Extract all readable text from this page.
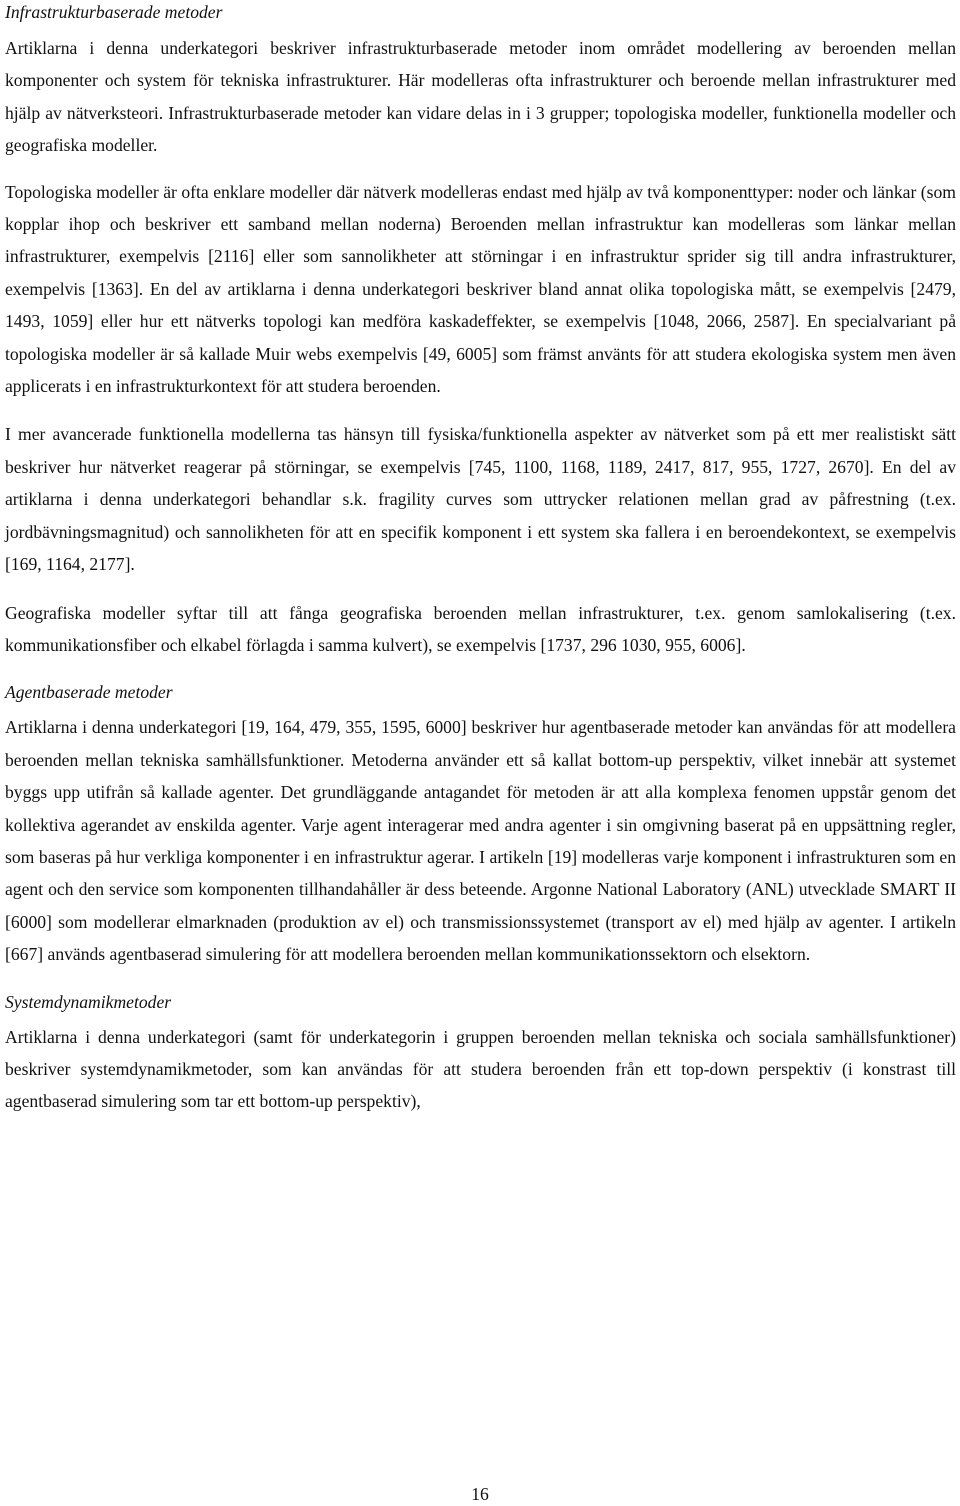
Infrastrukturbaserade metoder

Artiklarna i denna underkategori beskriver infrastrukturbaserade metoder inom området modellering av beroenden mellan komponenter och system för tekniska infrastrukturer. Här modelleras ofta infrastrukturer och beroende mellan infrastrukturer med hjälp av nätverksteori. Infrastrukturbaserade metoder kan vidare delas in i 3 grupper; topologiska modeller, funktionella modeller och geografiska modeller.

Topologiska modeller är ofta enklare modeller där nätverk modelleras endast med hjälp av två komponenttyper: noder och länkar (som kopplar ihop och beskriver ett samband mellan noderna) Beroenden mellan infrastruktur kan modelleras som länkar mellan infrastrukturer, exempelvis [2116] eller som sannolikheter att störningar i en infrastruktur sprider sig till andra infrastrukturer, exempelvis [1363]. En del av artiklarna i denna underkategori beskriver bland annat olika topologiska mått, se exempelvis [2479, 1493, 1059] eller hur ett nätverks topologi kan medföra kaskadeffekter, se exempelvis [1048, 2066, 2587]. En specialvariant på topologiska modeller är så kallade Muir webs exempelvis [49, 6005] som främst använts för att studera ekologiska system men även applicerats i en infrastrukturkontext för att studera beroenden.

I mer avancerade funktionella modellerna tas hänsyn till fysiska/funktionella aspekter av nätverket som på ett mer realistiskt sätt beskriver hur nätverket reagerar på störningar, se exempelvis [745, 1100, 1168, 1189, 2417, 817, 955, 1727, 2670]. En del av artiklarna i denna underkategori behandlar s.k. fragility curves som uttrycker relationen mellan grad av påfrestning (t.ex. jordbävningsmagnitud) och sannolikheten för att en specifik komponent i ett system ska fallera i en beroendekontext, se exempelvis [169, 1164, 2177].

Geografiska modeller syftar till att fånga geografiska beroenden mellan infrastrukturer, t.ex. genom samlokalisering (t.ex. kommunikationsfiber och elkabel förlagda i samma kulvert), se exempelvis [1737, 296 1030, 955, 6006].

Agentbaserade metoder

Artiklarna i denna underkategori [19, 164, 479, 355, 1595, 6000] beskriver hur agentbaserade metoder kan användas för att modellera beroenden mellan tekniska samhällsfunktioner. Metoderna använder ett så kallat bottom-up perspektiv, vilket innebär att systemet byggs upp utifrån så kallade agenter. Det grundläggande antagandet för metoden är att alla komplexa fenomen uppstår genom det kollektiva agerandet av enskilda agenter. Varje agent interagerar med andra agenter i sin omgivning baserat på en uppsättning regler, som baseras på hur verkliga komponenter i en infrastruktur agerar. I artikeln [19] modelleras varje komponent i infrastrukturen som en agent och den service som komponenten tillhandahåller är dess beteende. Argonne National Laboratory (ANL) utvecklade SMART II [6000] som modellerar elmarknaden (produktion av el) och transmissionssystemet (transport av el) med hjälp av agenter. I artikeln [667] används agentbaserad simulering för att modellera beroenden mellan kommunikationssektorn och elsektorn.

Systemdynamikmetoder

Artiklarna i denna underkategori (samt för underkategorin i gruppen beroenden mellan tekniska och sociala samhällsfunktioner) beskriver systemdynamikmetoder, som kan användas för att studera beroenden från ett top-down perspektiv (i konstrast till agentbaserad simulering som tar ett bottom-up perspektiv),

16
